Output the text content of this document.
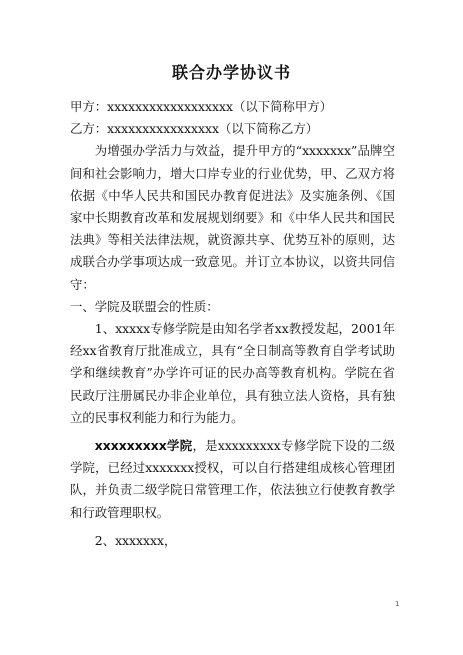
联合办学协议书

甲方：xxxxxxxxxxxxxxxxxx（以下简称甲方）

乙方：xxxxxxxxxxxxxxxx（以下简称乙方）

为增强办学活力与效益，提升甲方的“xxxxxxx”品牌空间和社会影响力，增大口岸专业的行业优势，甲、乙双方将依据《中华人民共和国民办教育促进法》及实施条例、《国家中长期教育改革和发展规划纲要》和《中华人民共和国民法典》等相关法律法规，就资源共享、优势互补的原则，达成联合办学事项达成一致意见。并订立本协议，以资共同信守：

一、学院及联盟会的性质：

1、xxxxx专修学院是由知名学者xx教授发起，2001年经xx省教育厅批准成立，具有“全日制高等教育自学考试助学和继续教育”办学许可证的民办高等教育机构。学院在省民政厅注册属民办非企业单位，具有独立法人资格，具有独立的民事权利能力和行为能力。

xxxxxxxxx学院，是xxxxxxxxx专修学院下设的二级学院，已经过xxxxxxx授权，可以自行搭建组成核心管理团队，并负责二级学院日常管理工作，依法独立行使教育教学和行政管理职权。

2、xxxxxxx，

1
